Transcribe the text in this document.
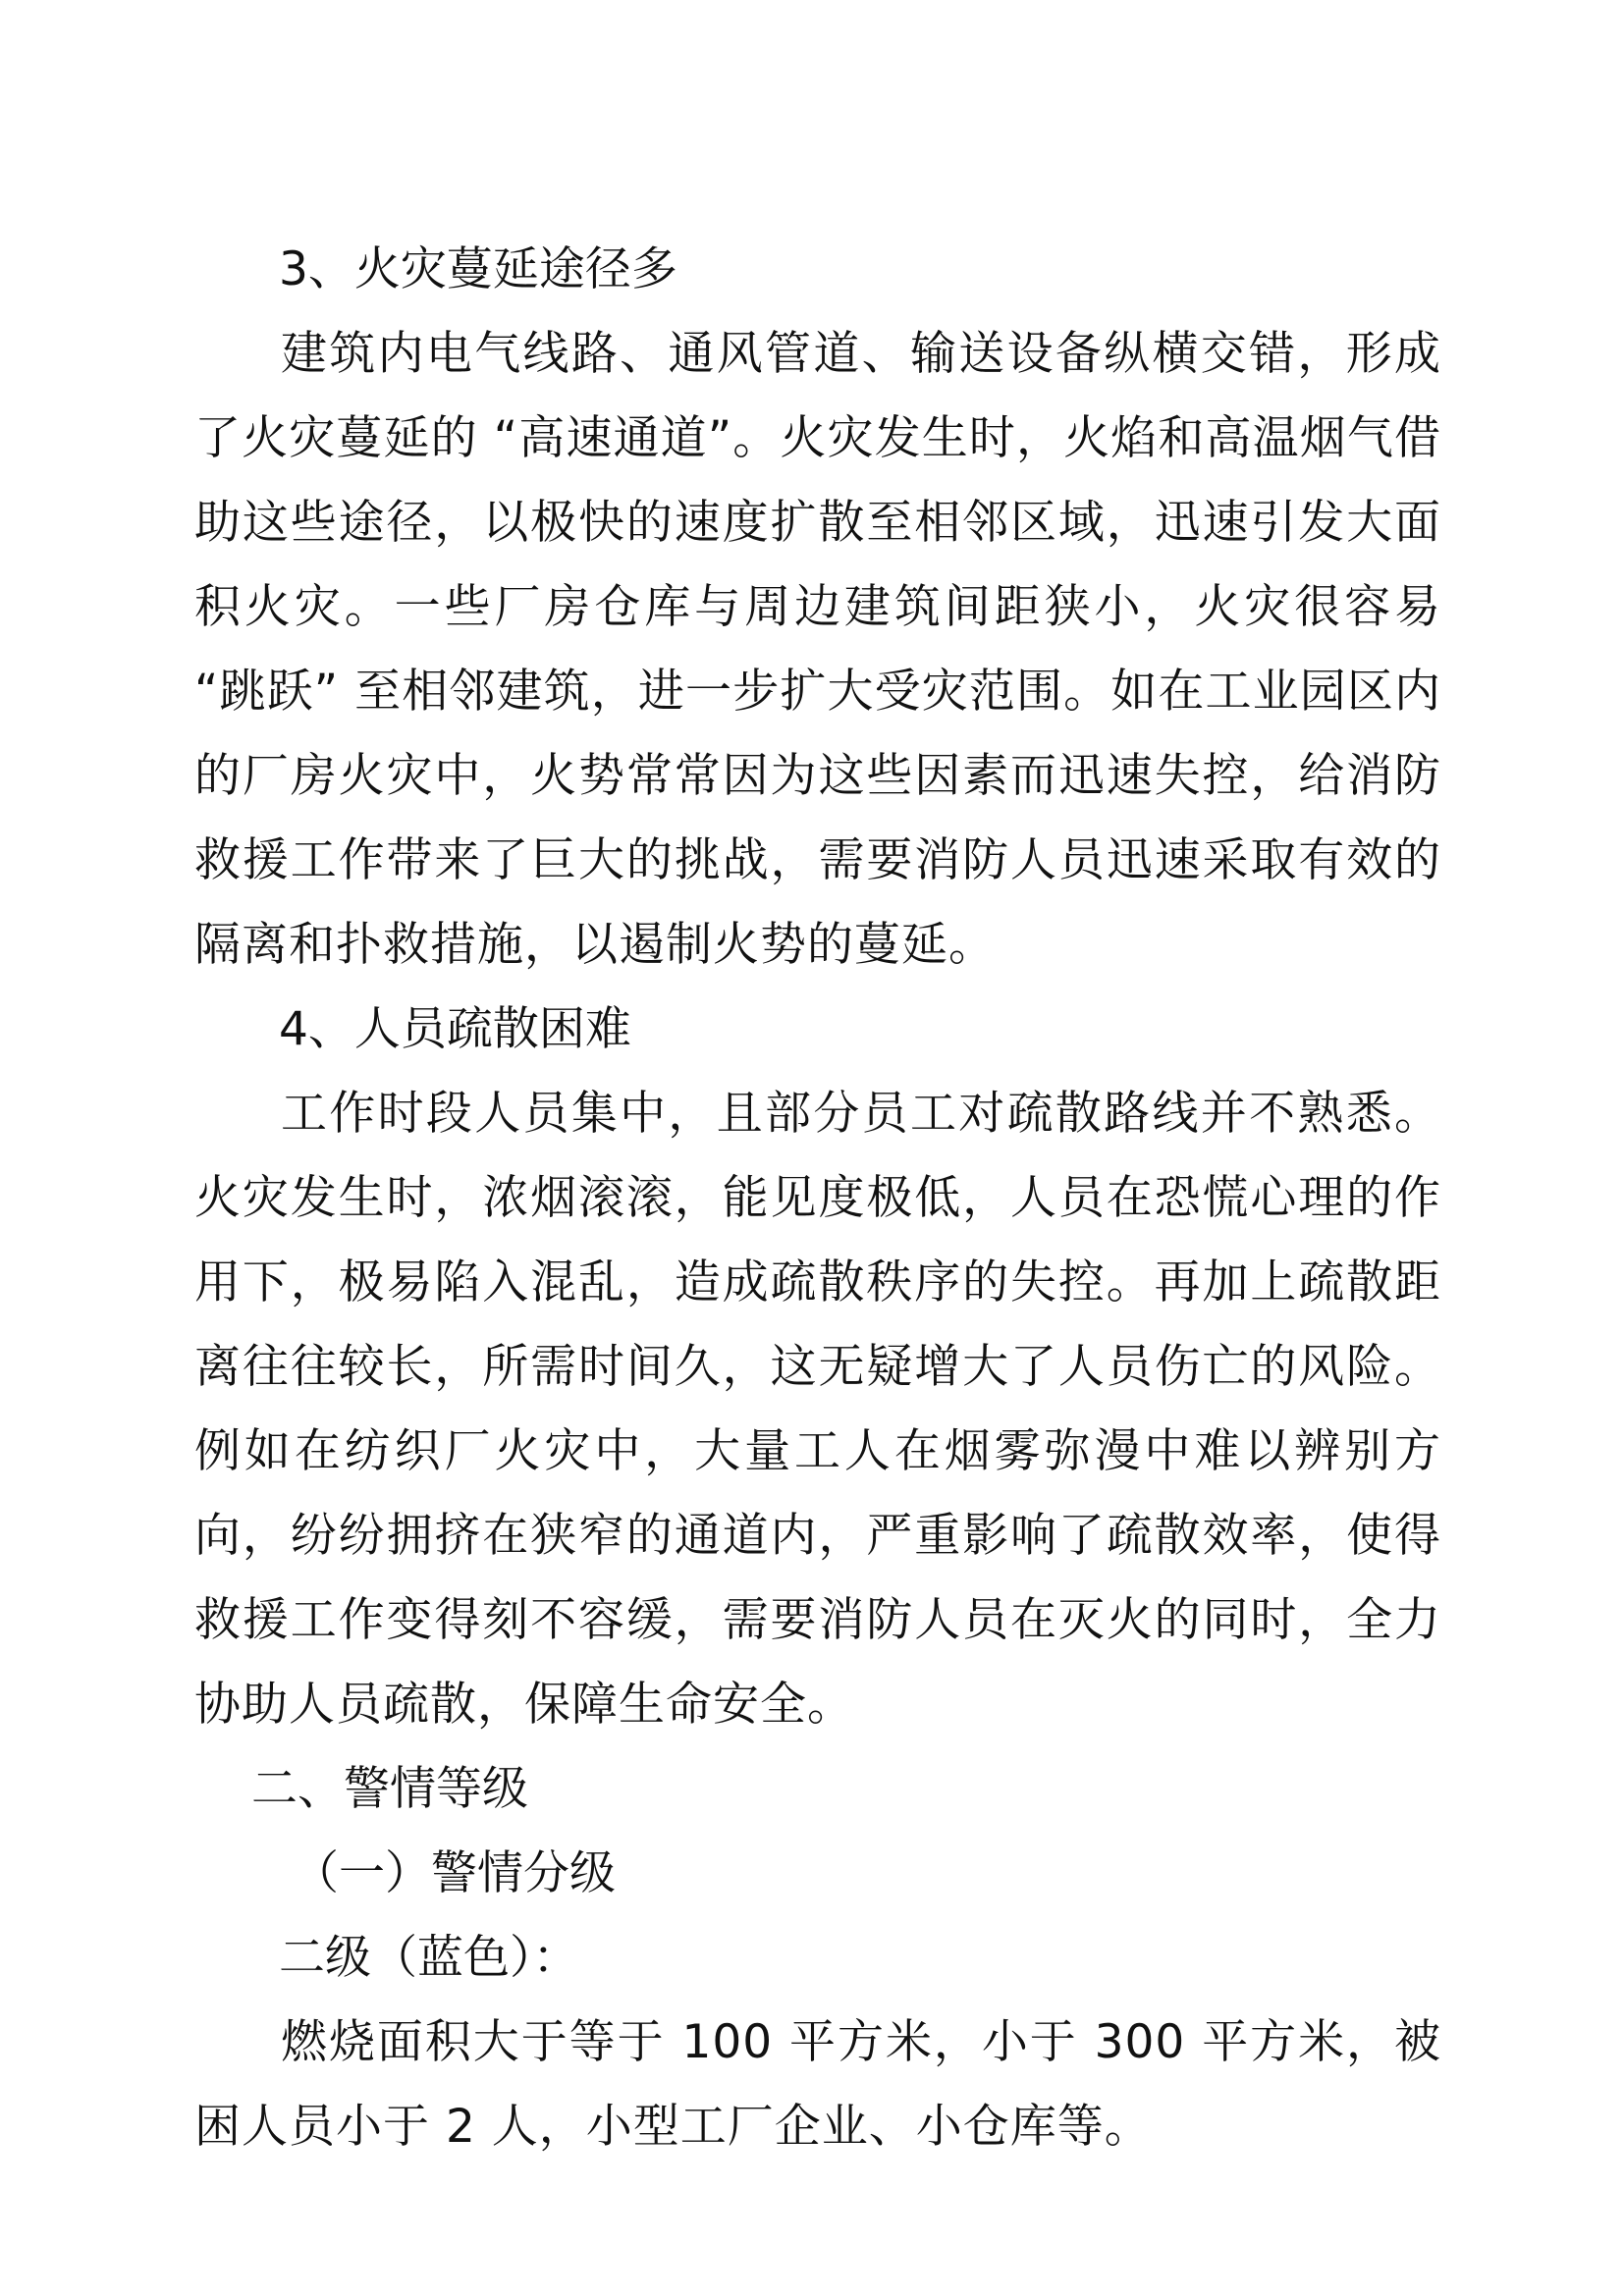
3、火灾蔓延途径多

建筑内电气线路、通风管道、输送设备纵横交错，形成了火灾蔓延的 “高速通道”。火灾发生时，火焰和高温烟气借助这些途径，以极快的速度扩散至相邻区域，迅速引发大面积火灾。一些厂房仓库与周边建筑间距狭小，火灾很容易 “跳跃” 至相邻建筑，进一步扩大受灾范围。如在工业园区内的厂房火灾中，火势常常因为这些因素而迅速失控，给消防救援工作带来了巨大的挑战，需要消防人员迅速采取有效的隔离和扑救措施，以遏制火势的蔓延。

4、人员疏散困难

工作时段人员集中，且部分员工对疏散路线并不熟悉。火灾发生时，浓烟滚滚，能见度极低，人员在恐慌心理的作用下，极易陷入混乱，造成疏散秩序的失控。再加上疏散距离往往较长，所需时间久，这无疑增大了人员伤亡的风险。例如在纺织厂火灾中，大量工人在烟雾弥漫中难以辨别方向，纷纷拥挤在狭窄的通道内，严重影响了疏散效率，使得救援工作变得刻不容缓，需要消防人员在灭火的同时，全力协助人员疏散，保障生命安全。

二、警情等级
（一）警情分级
二级（蓝色）：

燃烧面积大于等于 100 平方米，小于 300 平方米，被困人员小于 2 人，小型工厂企业、小仓库等。
